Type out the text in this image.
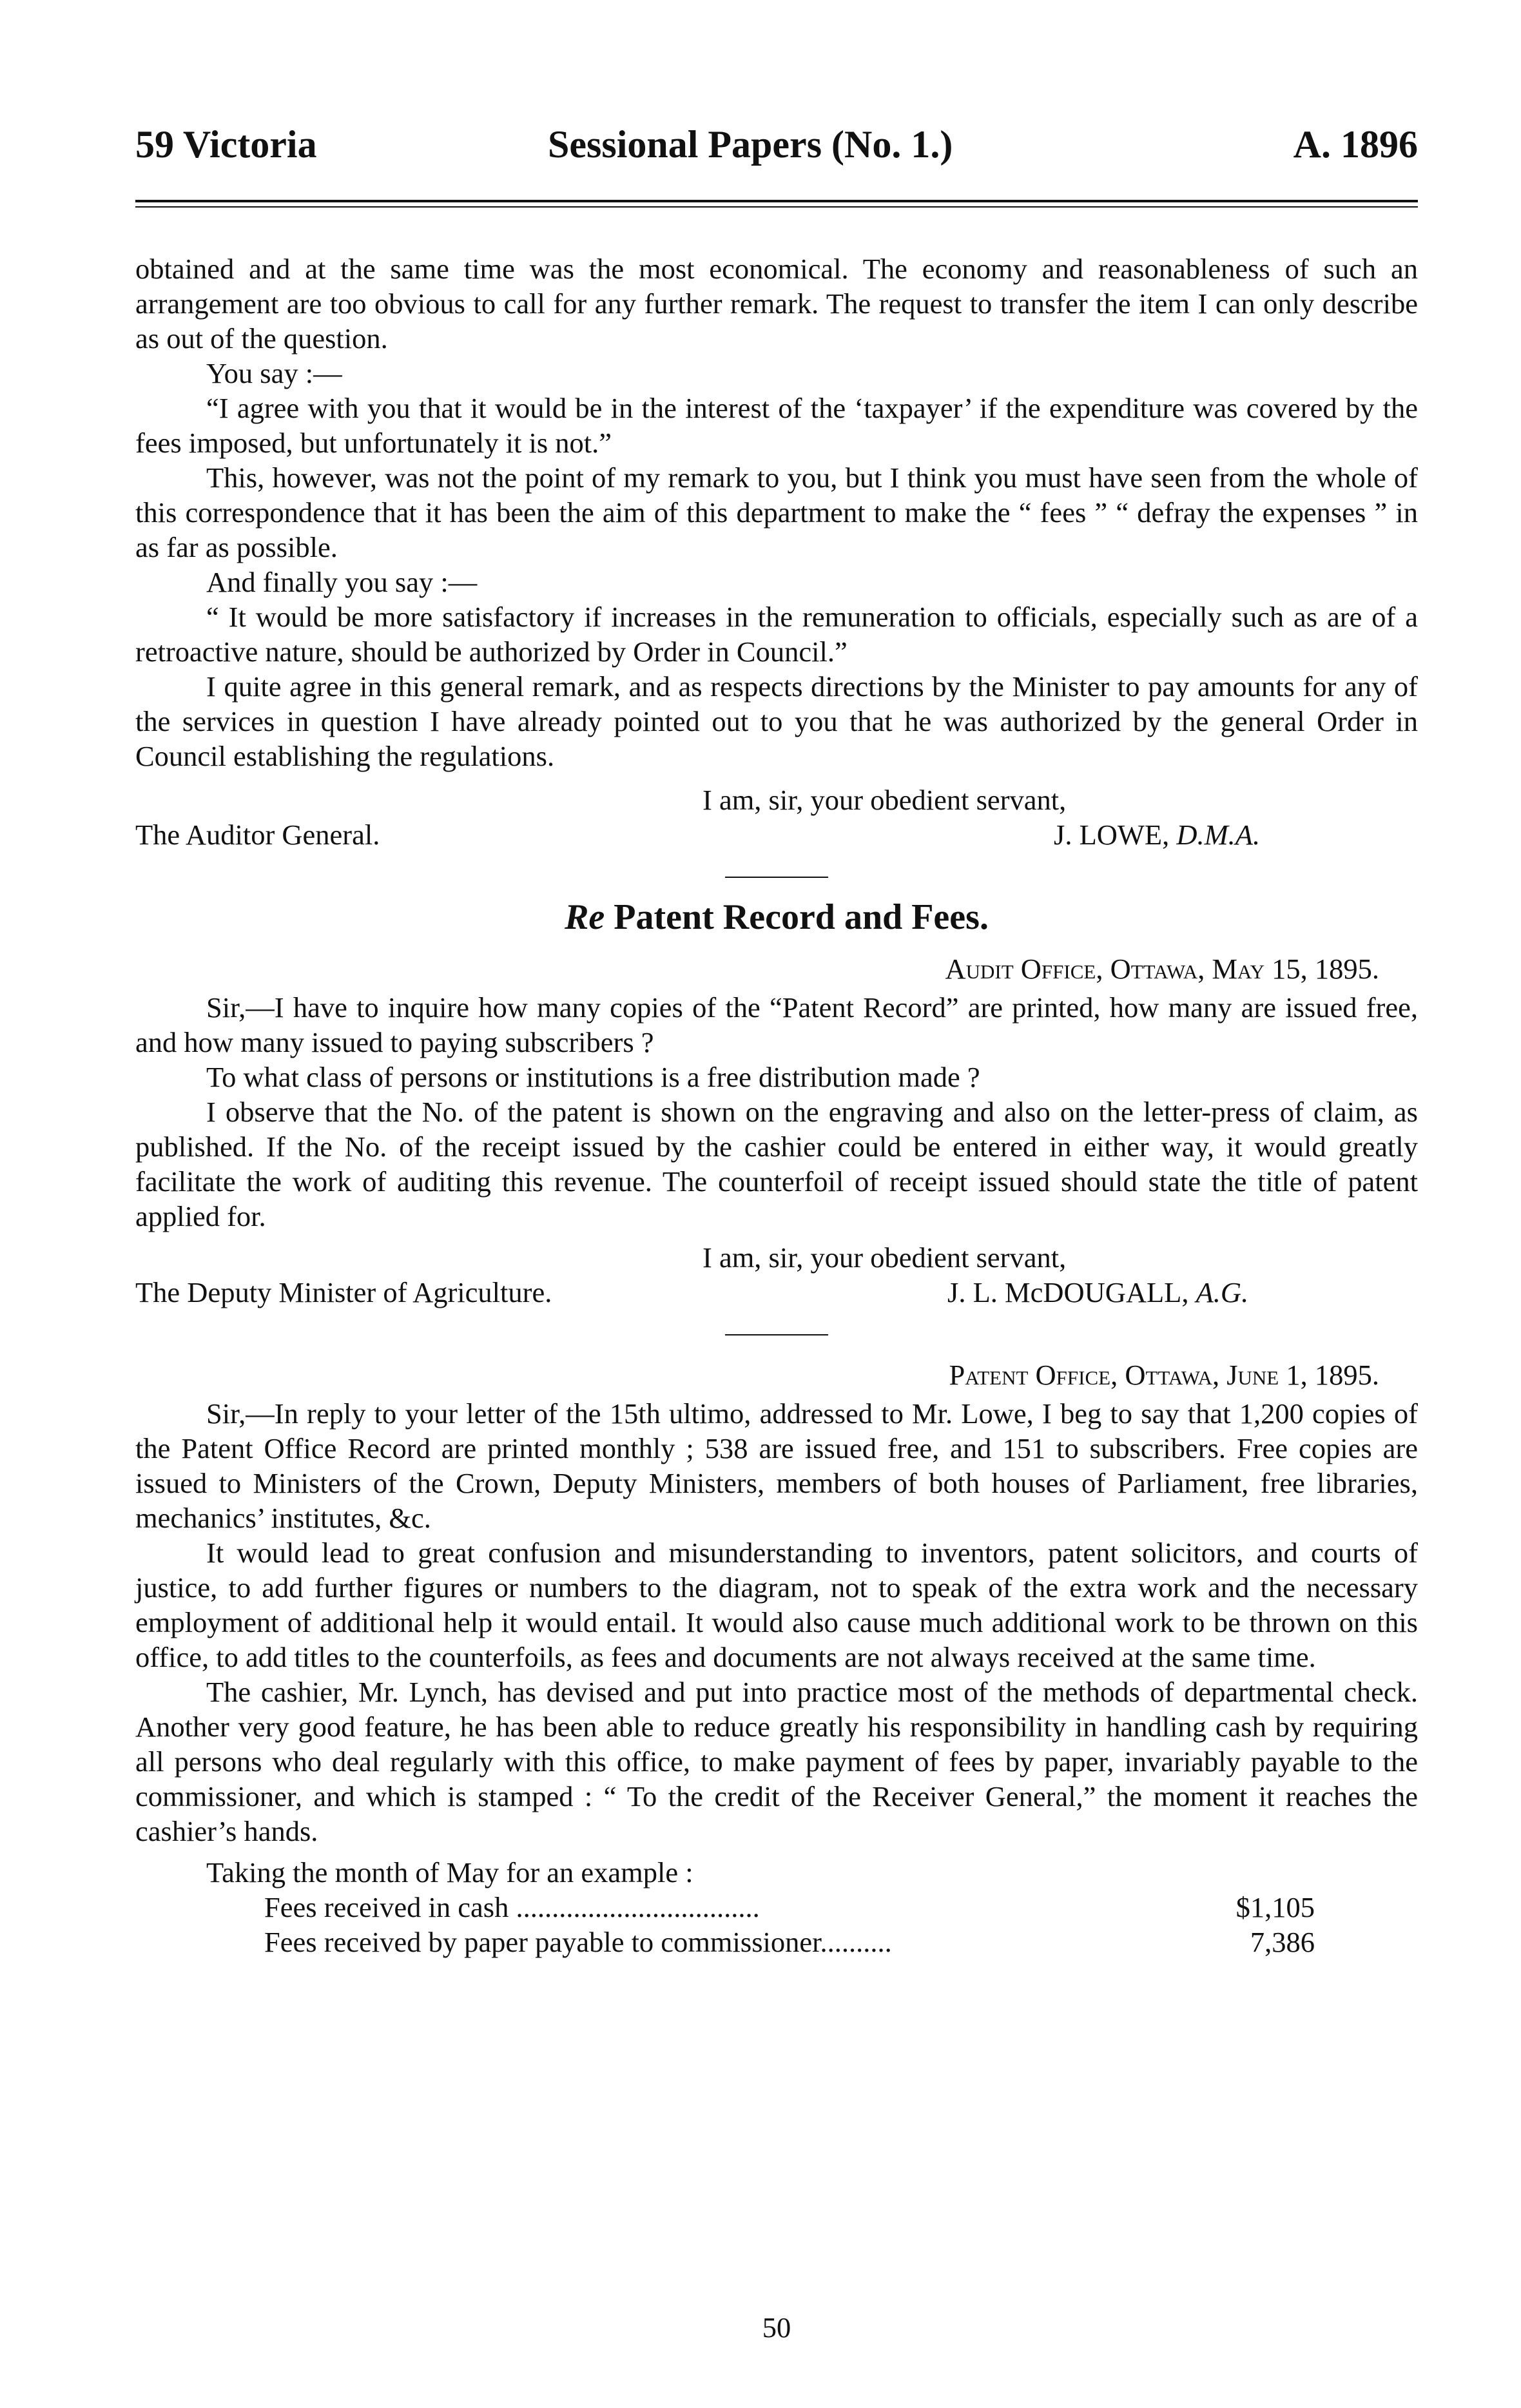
59 Victoria	Sessional Papers (No. 1.)	A. 1896

obtained and at the same time was the most economical. The economy and reasonableness of such an arrangement are too obvious to call for any further remark. The request to transfer the item I can only describe as out of the question.

You say :—

“I agree with you that it would be in the interest of the ‘taxpayer’ if the expenditure was covered by the fees imposed, but unfortunately it is not.”

This, however, was not the point of my remark to you, but I think you must have seen from the whole of this correspondence that it has been the aim of this department to make the “ fees ” “ defray the expenses ” in as far as possible.

And finally you say :—

“ It would be more satisfactory if increases in the remuneration to officials, especially such as are of a retroactive nature, should be authorized by Order in Council.”

I quite agree in this general remark, and as respects directions by the Minister to pay amounts for any of the services in question I have already pointed out to you that he was authorized by the general Order in Council establishing the regulations.

I am, sir, your obedient servant,

The Auditor General.	J. LOWE, D.M.A.
Re Patent Record and Fees.

Audit Office, Ottawa, May 15, 1895.

Sir,—I have to inquire how many copies of the “Patent Record” are printed, how many are issued free, and how many issued to paying subscribers ?

To what class of persons or institutions is a free distribution made ?

I observe that the No. of the patent is shown on the engraving and also on the letter-press of claim, as published. If the No. of the receipt issued by the cashier could be entered in either way, it would greatly facilitate the work of auditing this revenue. The counterfoil of receipt issued should state the title of patent applied for.

I am, sir, your obedient servant,

The Deputy Minister of Agriculture.	J. L. McDOUGALL, A.G.

Patent Office, Ottawa, June 1, 1895.

Sir,—In reply to your letter of the 15th ultimo, addressed to Mr. Lowe, I beg to say that 1,200 copies of the Patent Office Record are printed monthly ; 538 are issued free, and 151 to subscribers. Free copies are issued to Ministers of the Crown, Deputy Ministers, members of both houses of Parliament, free libraries, mechanics’ institutes, &c.

It would lead to great confusion and misunderstanding to inventors, patent solicitors, and courts of justice, to add further figures or numbers to the diagram, not to speak of the extra work and the necessary employment of additional help it would entail. It would also cause much additional work to be thrown on this office, to add titles to the counterfoils, as fees and documents are not always received at the same time.

The cashier, Mr. Lynch, has devised and put into practice most of the methods of departmental check. Another very good feature, he has been able to reduce greatly his responsibility in handling cash by requiring all persons who deal regularly with this office, to make payment of fees by paper, invariably payable to the commissioner, and which is stamped : “ To the credit of the Receiver General,” the moment it reaches the cashier’s hands.

Taking the month of May for an example :

Fees received in cash ..................................	$1,105
Fees received by paper payable to commissioner..........	7,386
50
